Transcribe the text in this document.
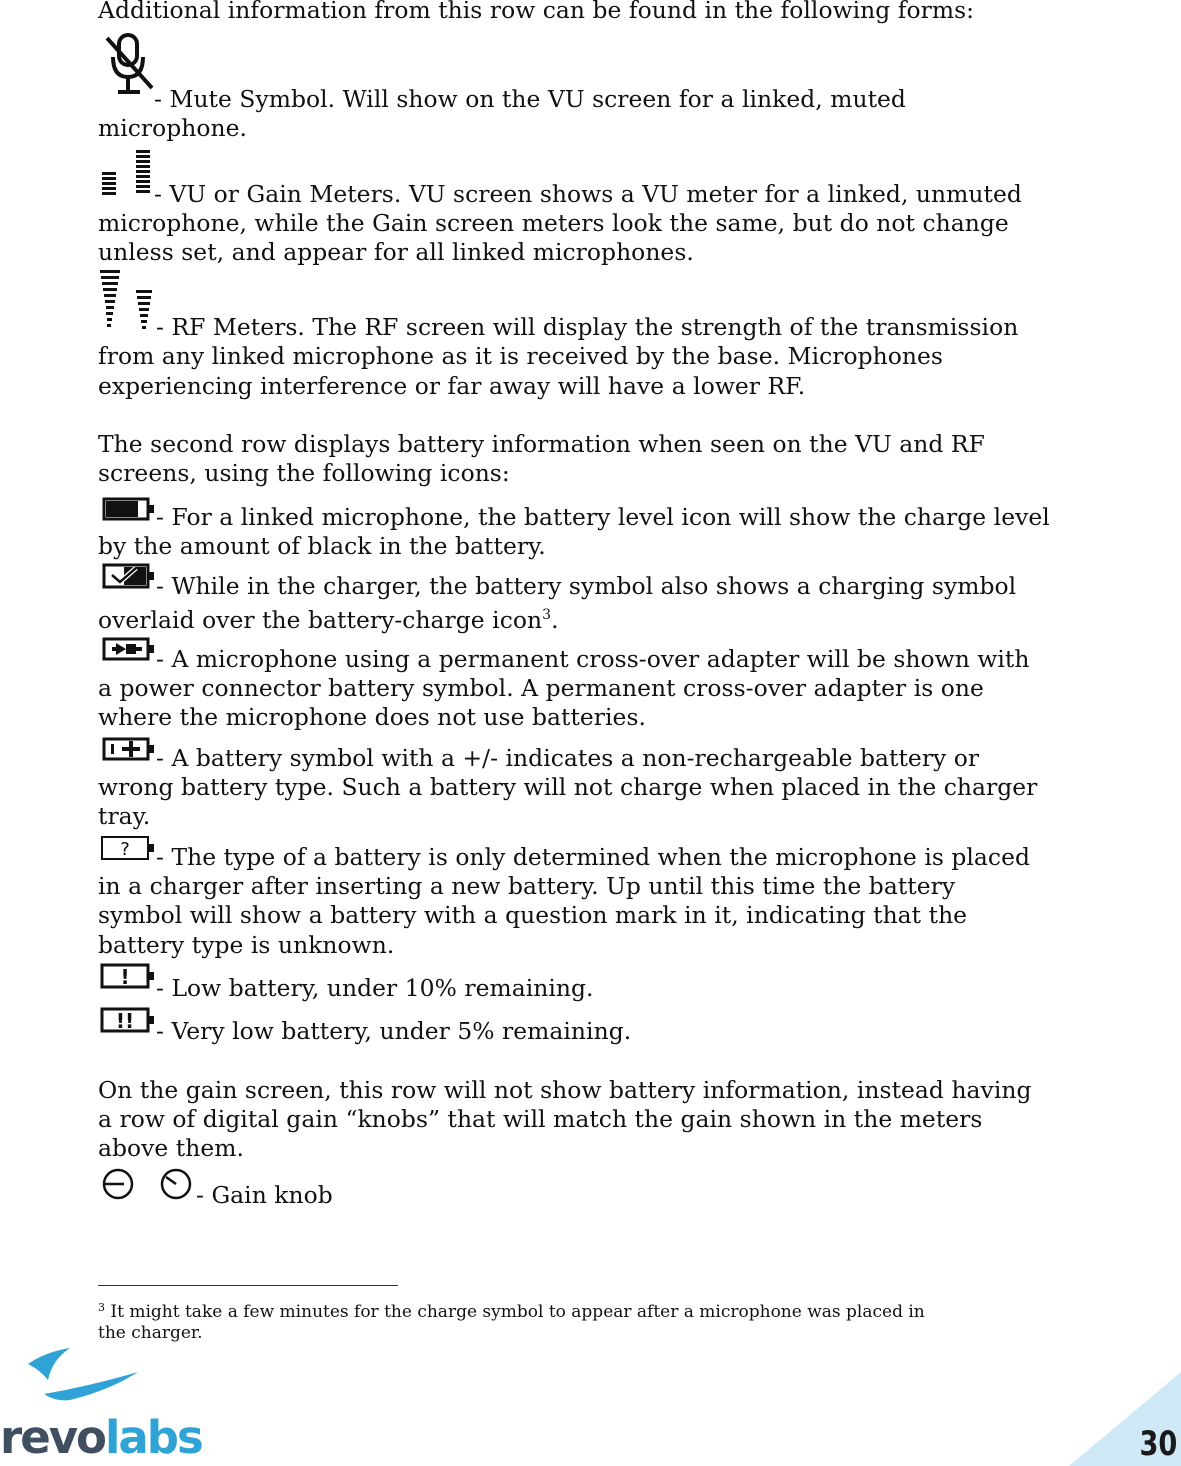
Additional information from this row can be found in the following forms:
- Mute Symbol. Will show on the VU screen for a linked, muted
microphone.
- VU or Gain Meters. VU screen shows a VU meter for a linked, unmuted
microphone, while the Gain screen meters look the same, but do not change
unless set, and appear for all linked microphones.
- RF Meters. The RF screen will display the strength of the transmission
from any linked microphone as it is received by the base. Microphones
experiencing interference or far away will have a lower RF.
The second row displays battery information when seen on the VU and RF
screens, using the following icons:
- For a linked microphone, the battery level icon will show the charge level
by the amount of black in the battery.
- While in the charger, the battery symbol also shows a charging symbol
overlaid over the battery-charge icon$^3$.
- A microphone using a permanent cross-over adapter will be shown with
a power connector battery symbol. A permanent cross-over adapter is one
where the microphone does not use batteries.
- A battery symbol with a +/- indicates a non-rechargeable battery or
wrong battery type. Such a battery will not charge when placed in the charger
tray.
? - The type of a battery is only determined when the microphone is placed
in a charger after inserting a new battery. Up until this time the battery
symbol will show a battery with a question mark in it, indicating that the
battery type is unknown.
! - Low battery, under 10% remaining.
!! - Very low battery, under 5% remaining.
On the gain screen, this row will not show battery information, instead having
a row of digital gain “knobs” that will match the gain shown in the meters
above them.
- Gain knob
$^3$ It might take a few minutes for the charge symbol to appear after a microphone was placed in
the charger.
revolabs	30
